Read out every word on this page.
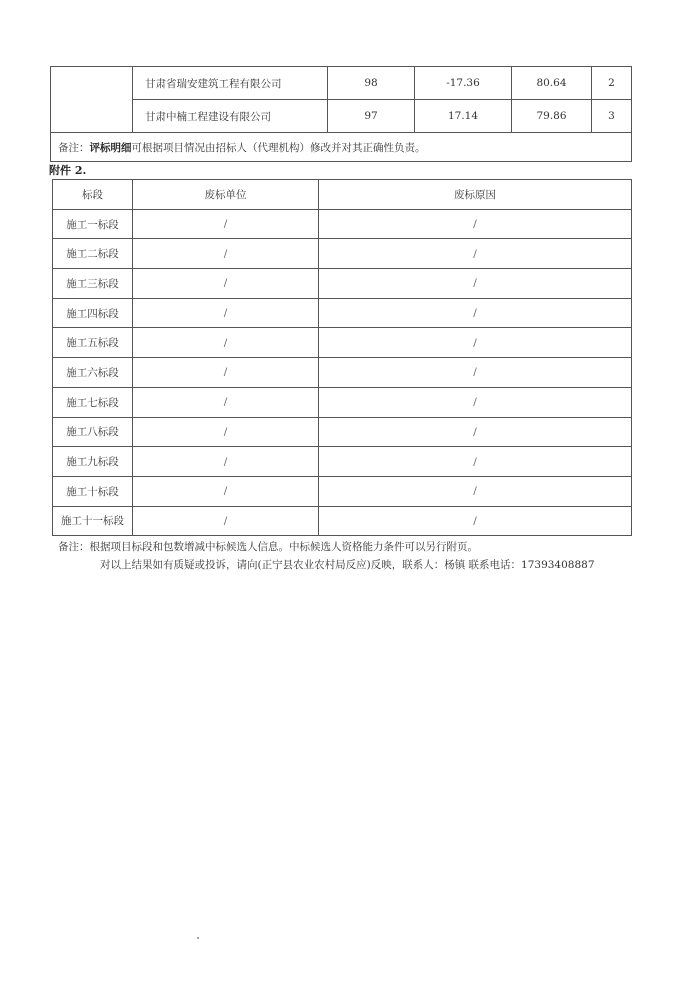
	甘肃省瑞安建筑工程有限公司	98	-17.36	80.64	2
	甘肃中楠工程建设有限公司	97	17.14	79.86	3
备注：评标明细可根据项目情况由招标人（代理机构）修改并对其正确性负责。					
附件 2.
标段	废标单位	废标原因
施工一标段	/	/
施工二标段	/	/
施工三标段	/	/
施工四标段	/	/
施工五标段	/	/
施工六标段	/	/
施工七标段	/	/
施工八标段	/	/
施工九标段	/	/
施工十标段	/	/
施工十一标段	/	/
备注：根据项目标段和包数增减中标候选人信息。中标候选人资格能力条件可以另行附页。
对以上结果如有质疑或投诉，请向(正宁县农业农村局反应)反映，联系人：杨镇 联系电话：17393408887
